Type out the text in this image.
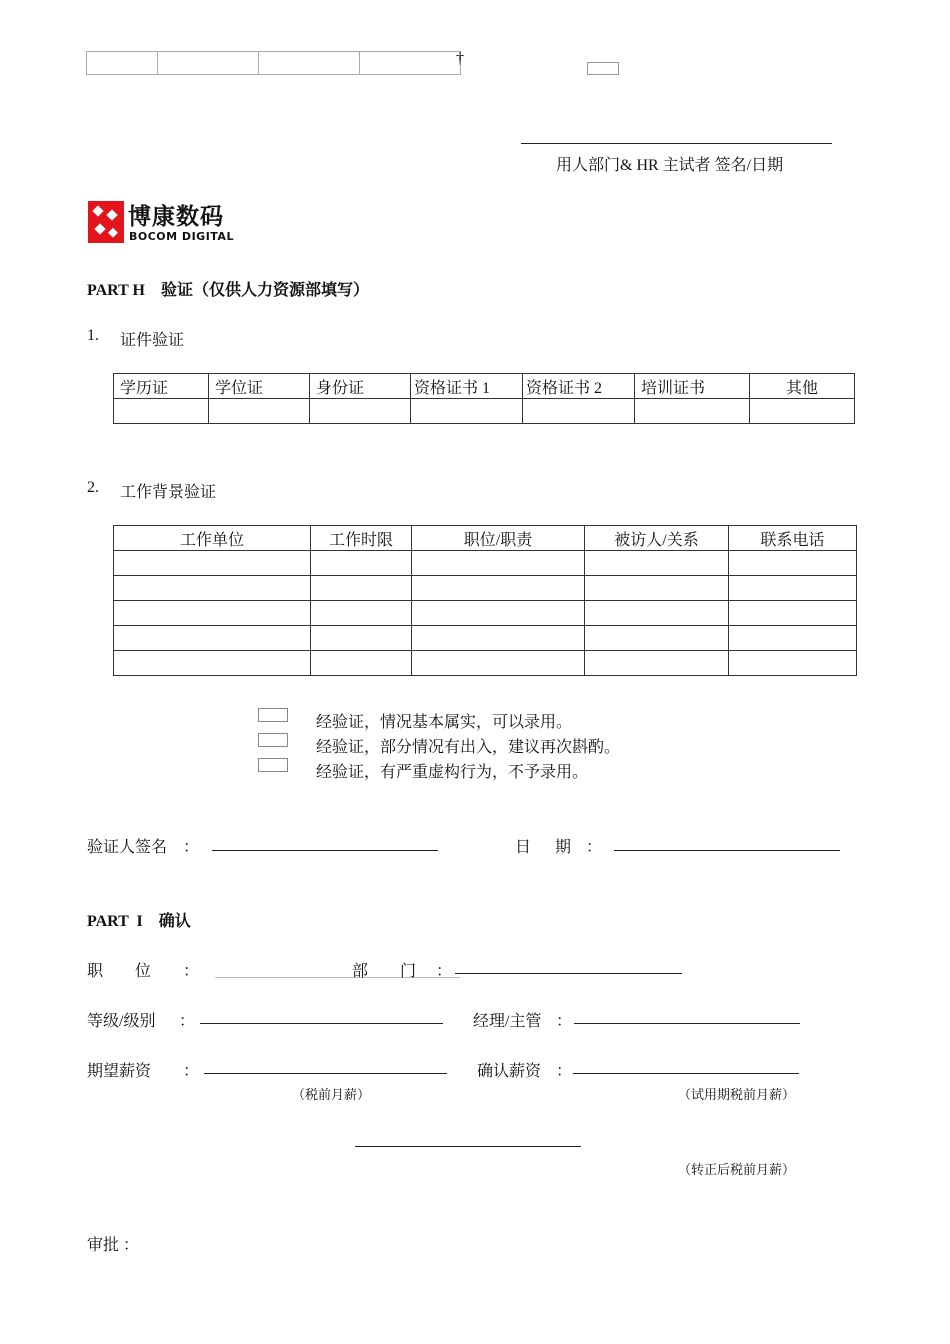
†
用人部门& HR 主试者 签名/日期
博康数码
BOCOM DIGITAL
PART H    验证（仅供人力资源部填写）
1. 证件验证
学历证	学位证	身份证	资格证书 1	资格证书 2	培训证书	其他

2. 工作背景验证
工作单位	工作时限	职位/职责	被访人/关系	联系电话

经验证，情况基本属实，可以录用。
经验证，部分情况有出入，建议再次斟酌。
经验证，有严重虚构行为，不予录用。
验证人签名 ：	日      期 ：
PART  I    确认
职        位 ：	部        门 ：
等级/级别 ：	经理/主管 ：
期望薪资 ：	确认薪资 ：
（税前月薪）	（试用期税前月薪）
（转正后税前月薪）
审批 ：
